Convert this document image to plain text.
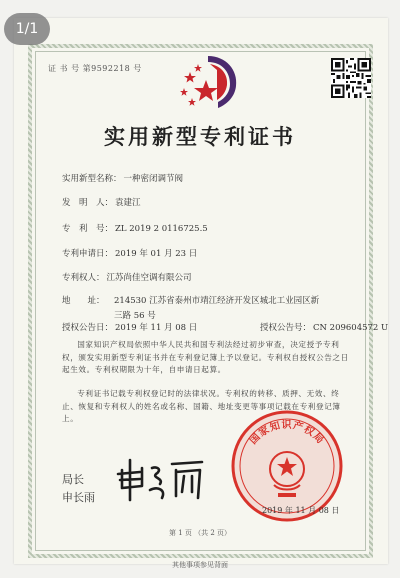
1/1
证 书 号 第9592218 号
实用新型专利证书
实用新型名称： 一种密闭调节阀
发　明　人： 袁建江
专　利　号： ZL 2019 2 0116725.5
专利申请日： 2019 年 01 月 23 日
专利权人： 江苏尚佳空调有限公司
地　　址： 214530 江苏省泰州市靖江经济开发区城北工业园区新三路 56 号
授权公告日： 2019 年 11 月 08 日	授权公告号： CN 209604572 U
国家知识产权局依照中华人民共和国专利法经过初步审查，决定授予专利权，颁发实用新型专利证书并在专利登记簿上予以登记。专利权自授权公告之日起生效。专利权期限为十年，自申请日起算。
专利证书记载专利权登记时的法律状况。专利权的转移、质押、无效、终止、恢复和专利权人的姓名或名称、国籍、地址变更等事项记载在专利登记簿上。
局长
申长雨
国家知识产权局
2019 年 11 月 08 日
第 1 页 （共 2 页）
其他事项参见背面
